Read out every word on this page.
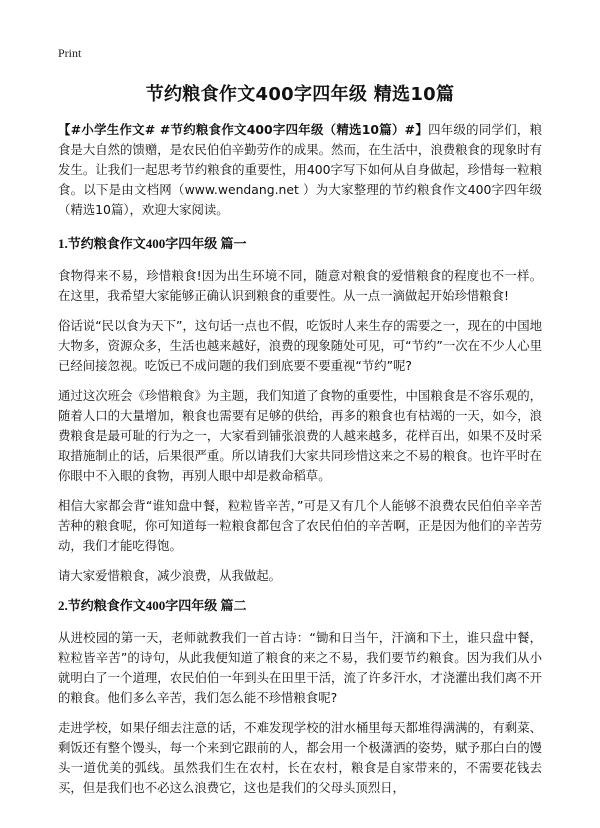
Print
节约粮食作文400字四年级 精选10篇

【#小学生作文# #节约粮食作文400字四年级（精选10篇）#】四年级的同学们，粮食是大自然的馈赠，是农民伯伯辛勤劳作的成果。然而，在生活中，浪费粮食的现象时有发生。让我们一起思考节约粮食的重要性，用400字写下如何从自身做起，珍惜每一粒粮食。以下是由文档网（www.wendang.net ）为大家整理的节约粮食作文400字四年级（精选10篇），欢迎大家阅读。

1.节约粮食作文400字四年级 篇一

食物得来不易，珍惜粮食!因为出生环境不同，随意对粮食的爱惜粮食的程度也不一样。在这里，我希望大家能够正确认识到粮食的重要性。从一点一滴做起开始珍惜粮食!

俗话说“民以食为天下”，这句话一点也不假，吃饭时人来生存的需要之一，现在的中国地大物多，资源众多，生活也越来越好，浪费的现象随处可见，可“节约”一次在不少人心里已经间接忽视。吃饭已不成问题的我们到底要不要重视“节约”呢?

通过这次班会《珍惜粮食》为主题，我们知道了食物的重要性，中国粮食是不容乐观的，随着人口的大量增加，粮食也需要有足够的供给，再多的粮食也有枯竭的一天，如今，浪费粮食是最可耻的行为之一，大家看到铺张浪费的人越来越多，花样百出，如果不及时采取措施制止的话，后果很严重。所以请我们大家共同珍惜这来之不易的粮食。也许平时在你眼中不入眼的食物，再别人眼中却是救命稻草。

相信大家都会背“谁知盘中餐，粒粒皆辛苦，”可是又有几个人能够不浪费农民伯伯辛辛苦苦种的粮食呢，你可知道每一粒粮食都包含了农民伯伯的辛苦啊，正是因为他们的辛苦劳动，我们才能吃得饱。

请大家爱惜粮食，减少浪费，从我做起。

2.节约粮食作文400字四年级 篇二

从进校园的第一天，老师就教我们一首古诗：“锄和日当午，汗滴和下土，谁只盘中餐，粒粒皆辛苦”的诗句，从此我便知道了粮食的来之不易，我们要节约粮食。因为我们从小就明白了一个道理，农民伯伯一年到头在田里干活，流了许多汗水，才浇灌出我们离不开的粮食。他们多么辛苦，我们怎么能不珍惜粮食呢?

走进学校，如果仔细去注意的话，不难发现学校的泔水桶里每天都堆得满满的，有剩菜、剩饭还有整个馒头，每一个来到它跟前的人，都会用一个极潇洒的姿势，赋予那白白的馒头一道优美的弧线。虽然我们生在农村，长在农村，粮食是自家带来的，不需要花钱去买，但是我们也不必这么浪费它，这也是我们的父母头顶烈日，
